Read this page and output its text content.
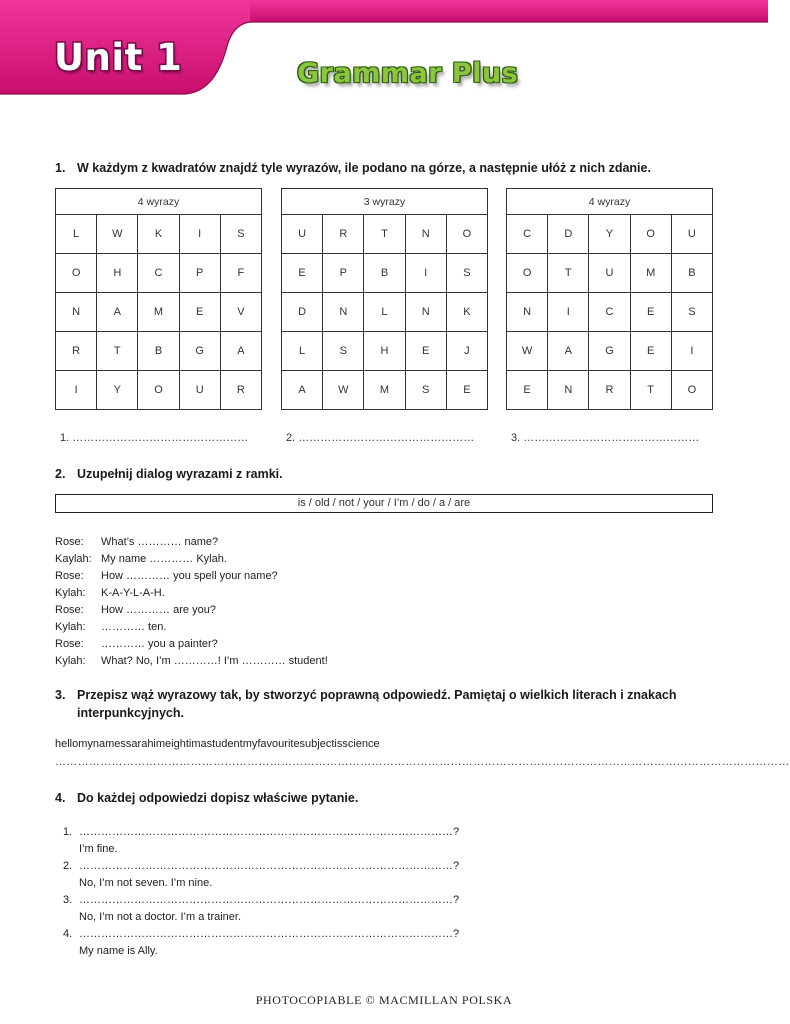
Unit 1	Grammar Plus
1. W każdym z kwadratów znajdź tyle wyrazów, ile podano na górze, a następnie ułóż z nich zdanie.
4 wyrazy				
L	W	K	I	S
O	H	C	P	F
N	A	M	E	V
R	T	B	G	A
I	Y	O	U	R
3 wyrazy				
U	R	T	N	O
E	P	B	I	S
D	N	L	N	K
L	S	H	E	J
A	W	M	S	E
4 wyrazy				
C	D	Y	O	U
O	T	U	M	B
N	I	C	E	S
W	A	G	E	I
E	N	R	T	O
1. …………………………………………	2. …………………………………………	3. …………………………………………
2. Uzupełnij dialog wyrazami z ramki.
is / old / not / your / I’m / do / a / are
Rose: What’s ………… name?
Kaylah: My name ………… Kylah.
Rose: How ………… you spell your name?
Kylah: K-A-Y-L-A-H.
Rose: How ………… are you?
Kylah: ………… ten.
Rose: ………… you a painter?
Kylah: What? No, I’m …………! I’m ………… student!
3. Przepisz wąż wyrazowy tak, by stworzyć poprawną odpowiedź. Pamiętaj o wielkich literach i znakach
interpunkcyjnych.
hellomynamessarahimeightimastudentmyfavouritesubjectisscience
……………………………………………………………………………………………………………………………………………………………………………
4. Do każdej odpowiedzi dopisz właściwe pytanie.
1. …………………………………………………………………………………………?
I’m fine.
2. …………………………………………………………………………………………?
No, I’m not seven. I’m nine.
3. …………………………………………………………………………………………?
No, I’m not a doctor. I’m a trainer.
4. …………………………………………………………………………………………?
My name is Ally.
PHOTOCOPIABLE © MACMILLAN POLSKA
